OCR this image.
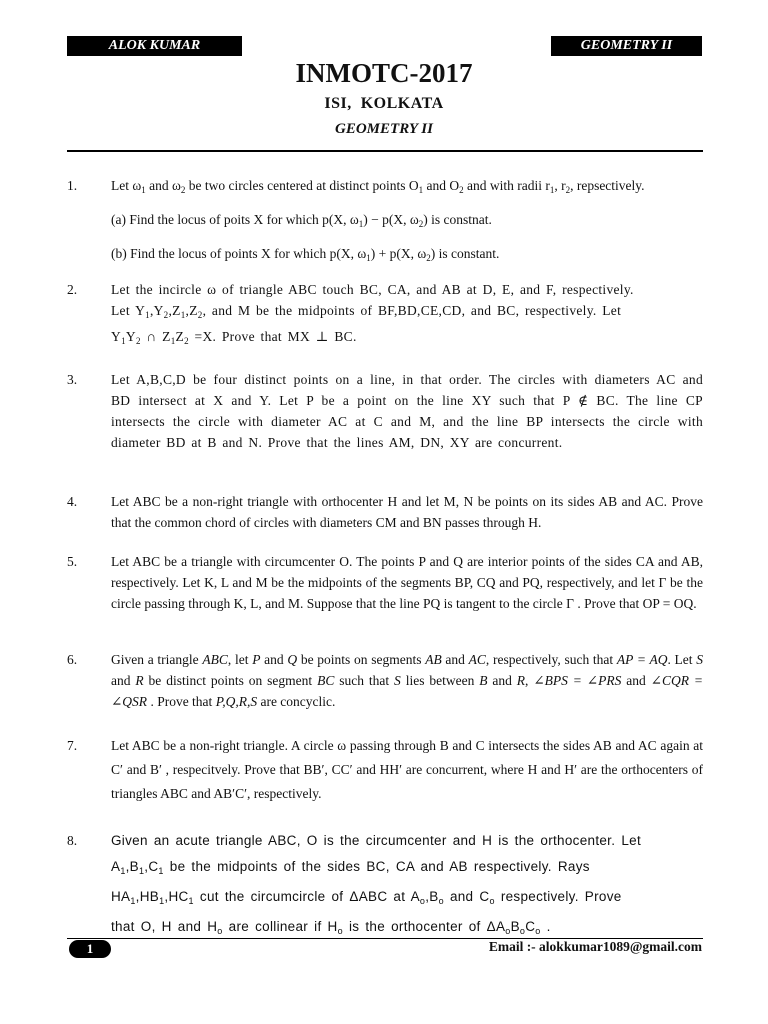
ALOK KUMAR	GEOMETRY II
INMOTC-2017
ISI,  KOLKATA
GEOMETRY II
1.	Let $\omega_1$ and $\omega_2$ be two circles centered at distinct points $O_1$ and $O_2$ and with radii $r_1$, $r_2$, repsectively.

(a) Find the locus of poits X for which p(X, $\omega_1) - p(X$, $\omega_2$) is constnat.

(b) Find the locus of points X for which p(X, $\omega_1) + p(X$, $\omega_2$) is constant.

2.	Let the incircle ω of triangle ABC touch BC, CA, and AB at D, E, and F, respectively.
Let $Y_1,Y_2,Z_1,Z_2$, and M be the midpoints of BF,BD,CE,CD, and BC, respectively. Let
$Y_1Y_2$ ∩ $Z_1Z_2 =X$. Prove that MX ⊥ BC.

3.	Let A,B,C,D be four distinct points on a line, in that order. The circles with diameters AC and BD intersect at X and Y. Let P be a point on the line XY such that P ∉ BC. The line CP intersects the circle with diameter AC at C and M, and the line BP intersects the circle with diameter BD at B and N. Prove that the lines AM, DN, XY are concurrent.
4.	Let ABC be a non-right triangle with orthocenter H and let M, N be points on its sides AB and AC. Prove that the common chord of circles with diameters CM and BN passes through H.
5.	Let ABC be a triangle with circumcenter O. The points P and Q are interior points of the sides CA and AB, respectively. Let K, L and M be the midpoints of the segments BP, CQ and PQ, respectively, and let Γ be the circle passing through K, L, and M. Suppose that the line PQ is tangent to the circle Γ . Prove that OP = OQ.
6.	Given a triangle ABC, let P and Q be points on segments AB and AC, respectively, such that AP = AQ. Let S and R be distinct points on segment BC such that S lies between B and R, ∠BPS = ∠PRS and ∠CQR = ∠QSR . Prove that P,Q,R,S are concyclic.
7.	Let ABC be a non-right triangle. A circle ω passing through B and C intersects the sides AB and AC again at C′ and B′ , respecitvely. Prove that BB′, CC′ and HH′ are concurrent, where H and H′ are the orthocenters of triangles ABC and AB′C′, respectively.
8.	Given an acute triangle ABC, O is the circumcenter and H is the orthocenter. Let
$A_1,B_1,C_1$ be the midpoints of the sides BC, CA and AB respectively. Rays
$HA_1,HB_1,HC_1$ cut the circumcircle of ΔABC at $A_o,B_o$ and $C_o$ respectively. Prove
that O, H and $H_o$ are collinear if $H_o$ is the orthocenter of $\Delta A_oB_oC_o$ .
1	Email :- alokkumar1089@gmail.com
